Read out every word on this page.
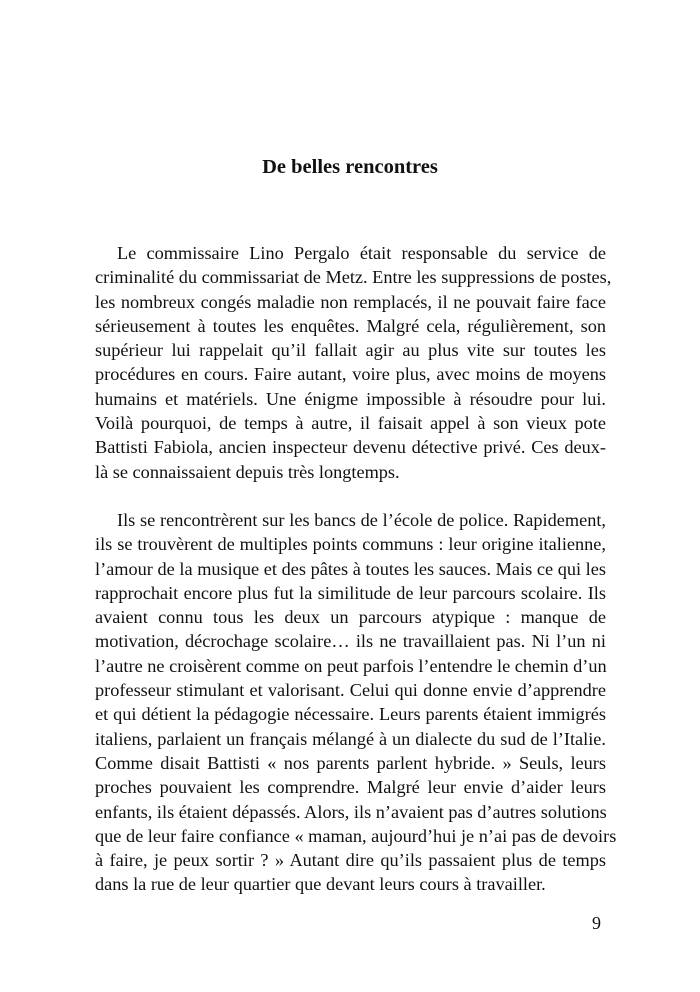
De belles rencontres
Le commissaire Lino Pergalo était responsable du service de
criminalité du commissariat de Metz. Entre les suppressions de postes,
les nombreux congés maladie non remplacés, il ne pouvait faire face
sérieusement à toutes les enquêtes. Malgré cela, régulièrement, son
supérieur lui rappelait qu’il fallait agir au plus vite sur toutes les
procédures en cours. Faire autant, voire plus, avec moins de moyens
humains et matériels. Une énigme impossible à résoudre pour lui.
Voilà pourquoi, de temps à autre, il faisait appel à son vieux pote
Battisti Fabiola, ancien inspecteur devenu détective privé. Ces deux-
là se connaissaient depuis très longtemps.
Ils se rencontrèrent sur les bancs de l’école de police. Rapidement,
ils se trouvèrent de multiples points communs : leur origine italienne,
l’amour de la musique et des pâtes à toutes les sauces. Mais ce qui les
rapprochait encore plus fut la similitude de leur parcours scolaire. Ils
avaient connu tous les deux un parcours atypique : manque de
motivation, décrochage scolaire… ils ne travaillaient pas. Ni l’un ni
l’autre ne croisèrent comme on peut parfois l’entendre le chemin d’un
professeur stimulant et valorisant. Celui qui donne envie d’apprendre
et qui détient la pédagogie nécessaire. Leurs parents étaient immigrés
italiens, parlaient un français mélangé à un dialecte du sud de l’Italie.
Comme disait Battisti « nos parents parlent hybride. » Seuls, leurs
proches pouvaient les comprendre. Malgré leur envie d’aider leurs
enfants, ils étaient dépassés. Alors, ils n’avaient pas d’autres solutions
que de leur faire confiance « maman, aujourd’hui je n’ai pas de devoirs
à faire, je peux sortir ? » Autant dire qu’ils passaient plus de temps
dans la rue de leur quartier que devant leurs cours à travailler.
9
